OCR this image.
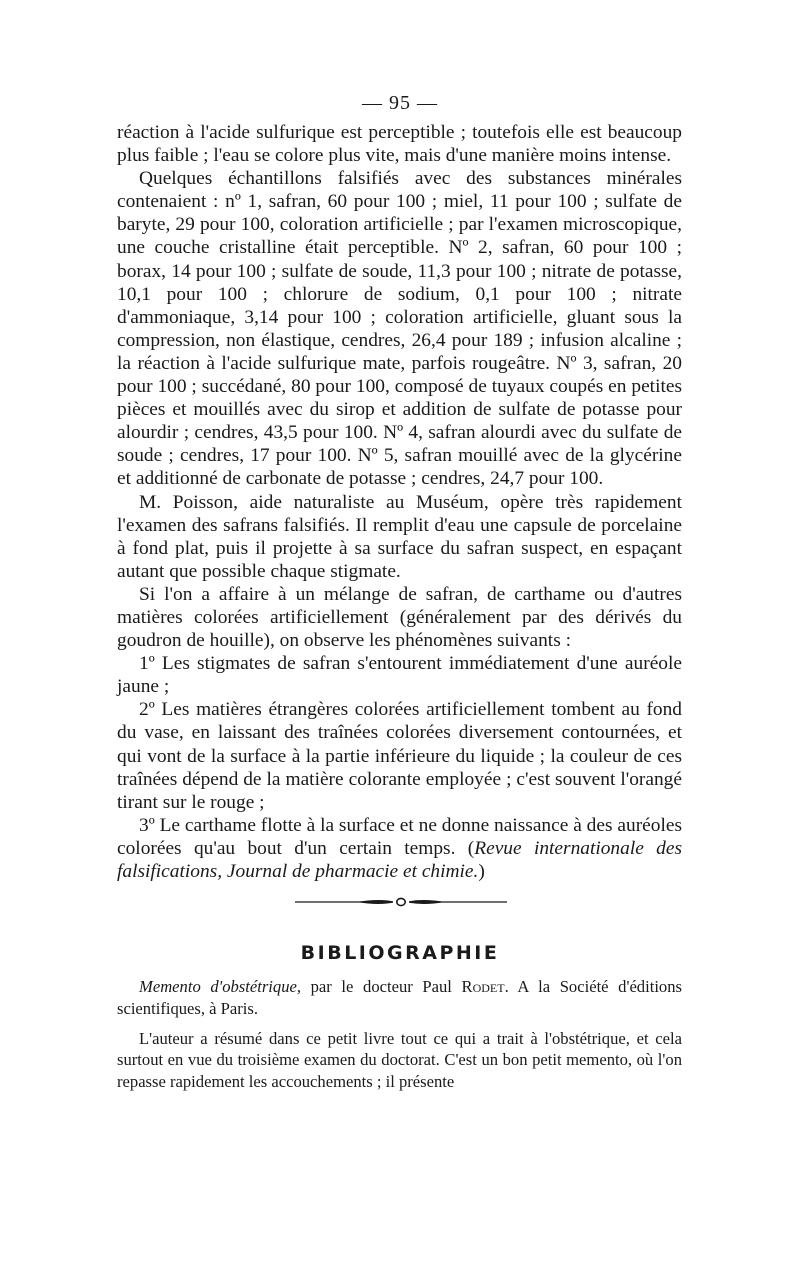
— 95 —

réaction à l'acide sulfurique est perceptible ; toutefois elle est beaucoup plus faible ; l'eau se colore plus vite, mais d'une manière moins intense.

Quelques échantillons falsifiés avec des substances minérales contenaient : nº 1, safran, 60 pour 100 ; miel, 11 pour 100 ; sulfate de baryte, 29 pour 100, coloration artificielle ; par l'examen microscopique, une couche cristalline était perceptible. Nº 2, safran, 60 pour 100 ; borax, 14 pour 100 ; sulfate de soude, 11,3 pour 100 ; nitrate de potasse, 10,1 pour 100 ; chlorure de sodium, 0,1 pour 100 ; nitrate d'ammoniaque, 3,14 pour 100 ; coloration artificielle, gluant sous la compression, non élastique, cendres, 26,4 pour 189 ; infusion alcaline ; la réaction à l'acide sulfurique mate, parfois rougeâtre. Nº 3, safran, 20 pour 100 ; succédané, 80 pour 100, composé de tuyaux coupés en petites pièces et mouillés avec du sirop et addition de sulfate de potasse pour alourdir ; cendres, 43,5 pour 100. Nº 4, safran alourdi avec du sulfate de soude ; cendres, 17 pour 100. Nº 5, safran mouillé avec de la glycérine et additionné de carbonate de potasse ; cendres, 24,7 pour 100.

M. Poisson, aide naturaliste au Muséum, opère très rapidement l'examen des safrans falsifiés. Il remplit d'eau une capsule de porcelaine à fond plat, puis il projette à sa surface du safran suspect, en espaçant autant que possible chaque stigmate.

Si l'on a affaire à un mélange de safran, de carthame ou d'autres matières colorées artificiellement (généralement par des dérivés du goudron de houille), on observe les phénomènes suivants :

1º Les stigmates de safran s'entourent immédiatement d'une auréole jaune ;

2º Les matières étrangères colorées artificiellement tombent au fond du vase, en laissant des traînées colorées diversement contournées, et qui vont de la surface à la partie inférieure du liquide ; la couleur de ces traînées dépend de la matière colorante employée ; c'est souvent l'orangé tirant sur le rouge ;

3º Le carthame flotte à la surface et ne donne naissance à des auréoles colorées qu'au bout d'un certain temps. (Revue internationale des falsifications, Journal de pharmacie et chimie.)

BIBLIOGRAPHIE

Memento d'obstétrique, par le docteur Paul Rodet. A la Société d'éditions scientifiques, à Paris.

L'auteur a résumé dans ce petit livre tout ce qui a trait à l'obstétrique, et cela surtout en vue du troisième examen du doctorat. C'est un bon petit memento, où l'on repasse rapidement les accouchements ; il présente
